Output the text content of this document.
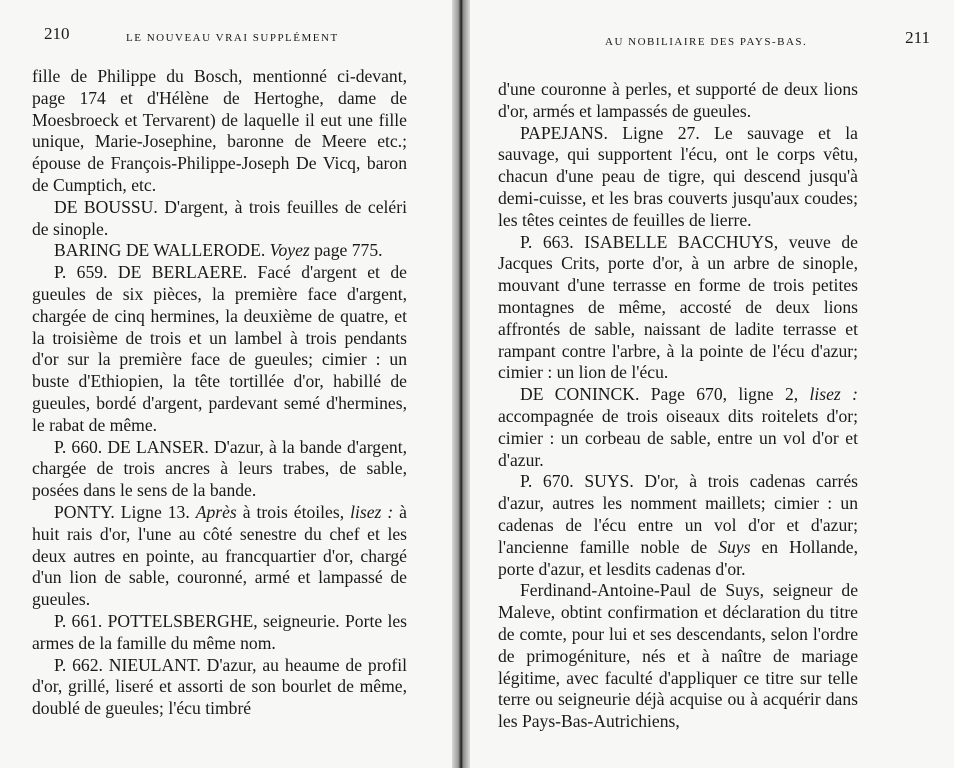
210	LE NOUVEAU VRAI SUPPLÉMENT

fille de Philippe du Bosch, mentionné ci-devant, page 174 et d'Hélène de Hertoghe, dame de Moesbroeck et Tervarent) de laquelle il eut une fille unique, Marie-Josephine, baronne de Meere etc.; épouse de François-Philippe-Joseph De Vicq, baron de Cumptich, etc.

DE BOUSSU. D'argent, à trois feuilles de celéri de sinople.

BARING DE WALLERODE. Voyez page 775.

P. 659. DE BERLAERE. Facé d'argent et de gueules de six pièces, la première face d'argent, chargée de cinq hermines, la deuxième de quatre, et la troisième de trois et un lambel à trois pendants d'or sur la première face de gueules; cimier : un buste d'Ethiopien, la tête tortillée d'or, habillé de gueules, bordé d'argent, pardevant semé d'hermines, le rabat de même.

P. 660. DE LANSER. D'azur, à la bande d'argent, chargée de trois ancres à leurs trabes, de sable, posées dans le sens de la bande.

PONTY. Ligne 13. Après à trois étoiles, lisez : à huit rais d'or, l'une au côté senestre du chef et les deux autres en pointe, au francquartier d'or, chargé d'un lion de sable, couronné, armé et lampassé de gueules.

P. 661. POTTELSBERGHE, seigneurie. Porte les armes de la famille du même nom.

P. 662. NIEULANT. D'azur, au heaume de profil d'or, grillé, liseré et assorti de son bourlet de même, doublé de gueules; l'écu timbré

AU NOBILIAIRE DES PAYS-BAS.	211

d'une couronne à perles, et supporté de deux lions d'or, armés et lampassés de gueules.

PAPEJANS. Ligne 27. Le sauvage et la sauvage, qui supportent l'écu, ont le corps vêtu, chacun d'une peau de tigre, qui descend jusqu'à demi-cuisse, et les bras couverts jusqu'aux coudes; les têtes ceintes de feuilles de lierre.

P. 663. ISABELLE BACCHUYS, veuve de Jacques Crits, porte d'or, à un arbre de sinople, mouvant d'une terrasse en forme de trois petites montagnes de même, accosté de deux lions affrontés de sable, naissant de ladite terrasse et rampant contre l'arbre, à la pointe de l'écu d'azur; cimier : un lion de l'écu.

DE CONINCK. Page 670, ligne 2, lisez : accompagnée de trois oiseaux dits roitelets d'or; cimier : un corbeau de sable, entre un vol d'or et d'azur.

P. 670. SUYS. D'or, à trois cadenas carrés d'azur, autres les nomment maillets; cimier : un cadenas de l'écu entre un vol d'or et d'azur; l'ancienne famille noble de Suys en Hollande, porte d'azur, et lesdits cadenas d'or.

Ferdinand-Antoine-Paul de Suys, seigneur de Maleve, obtint confirmation et déclaration du titre de comte, pour lui et ses descendants, selon l'ordre de primogéniture, nés et à naître de mariage légitime, avec faculté d'appliquer ce titre sur telle terre ou seigneurie déjà acquise ou à acquérir dans les Pays-Bas-Autrichiens,
